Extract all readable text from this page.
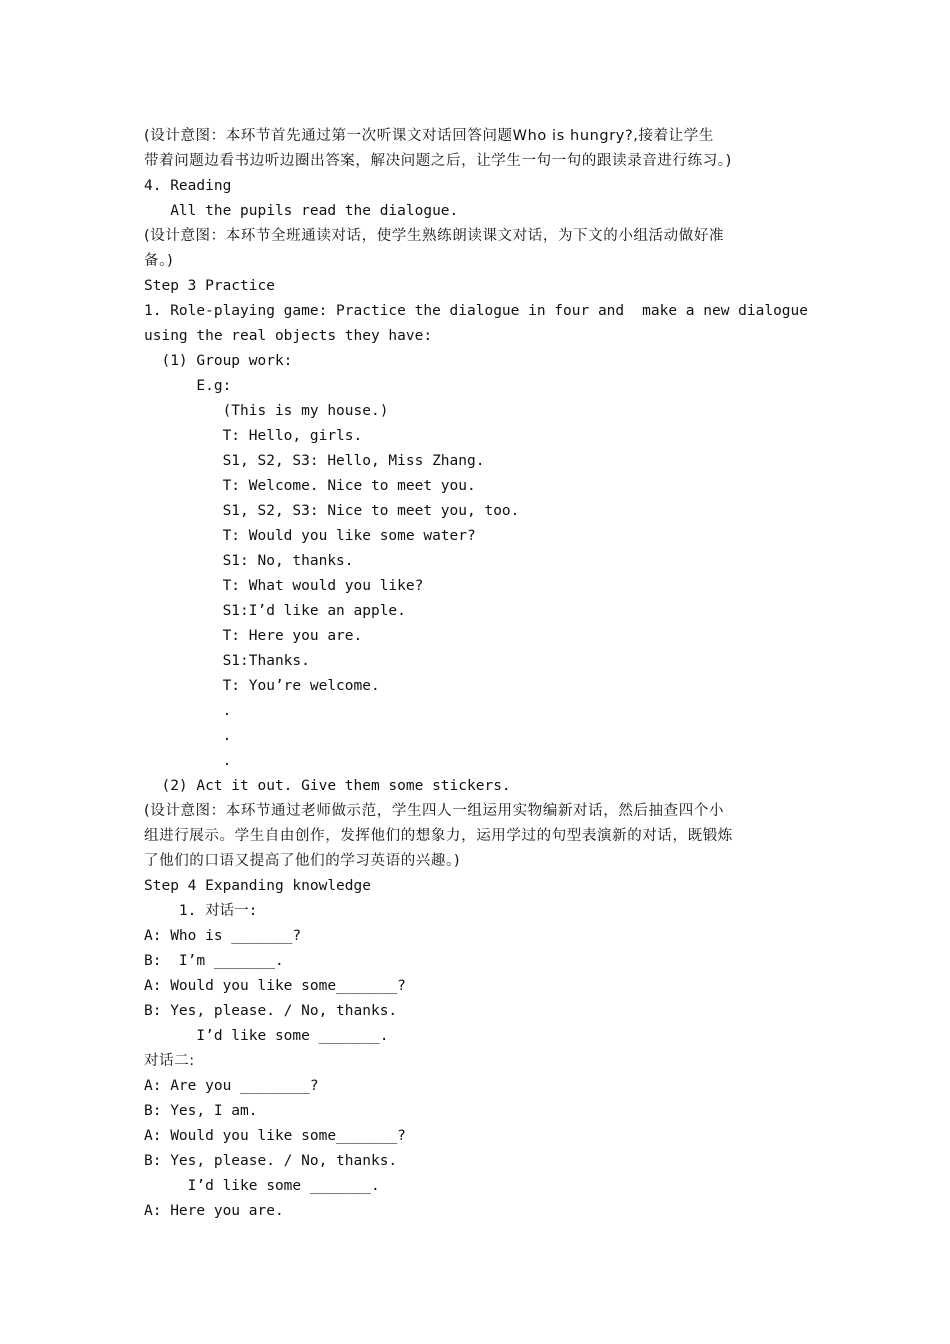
(设计意图：本环节首先通过第一次听课文对话回答问题Who is hungry?,接着让学生
带着问题边看书边听边圈出答案，解决问题之后，让学生一句一句的跟读录音进行练习。)
4. Reading
All the pupils read the dialogue.
(设计意图：本环节全班通读对话，使学生熟练朗读课文对话，为下文的小组活动做好准
备。)
Step 3 Practice
1. Role-playing game: Practice the dialogue in four and make a new dialogue
using the real objects they have:
(1) Group work:
E.g:
(This is my house.)
T: Hello, girls.
S1, S2, S3: Hello, Miss Zhang.
T: Welcome. Nice to meet you.
S1, S2, S3: Nice to meet you, too.
T: Would you like some water?
S1: No, thanks.
T: What would you like?
S1:I’d like an apple.
T: Here you are.
S1:Thanks.
T: You’re welcome.
.
.
.
(2) Act it out. Give them some stickers.
(设计意图：本环节通过老师做示范，学生四人一组运用实物编新对话，然后抽查四个小
组进行展示。学生自由创作，发挥他们的想象力，运用学过的句型表演新的对话，既锻炼
了他们的口语又提高了他们的学习英语的兴趣。)
Step 4 Expanding knowledge
1. 对话一:
A: Who is _______?
B:  I’m _______.
A: Would you like some_______?
B: Yes, please. / No, thanks.
I’d like some _______.
对话二:
A: Are you ________?
B: Yes, I am.
A: Would you like some_______?
B: Yes, please. / No, thanks.
I’d like some _______.
A: Here you are.
